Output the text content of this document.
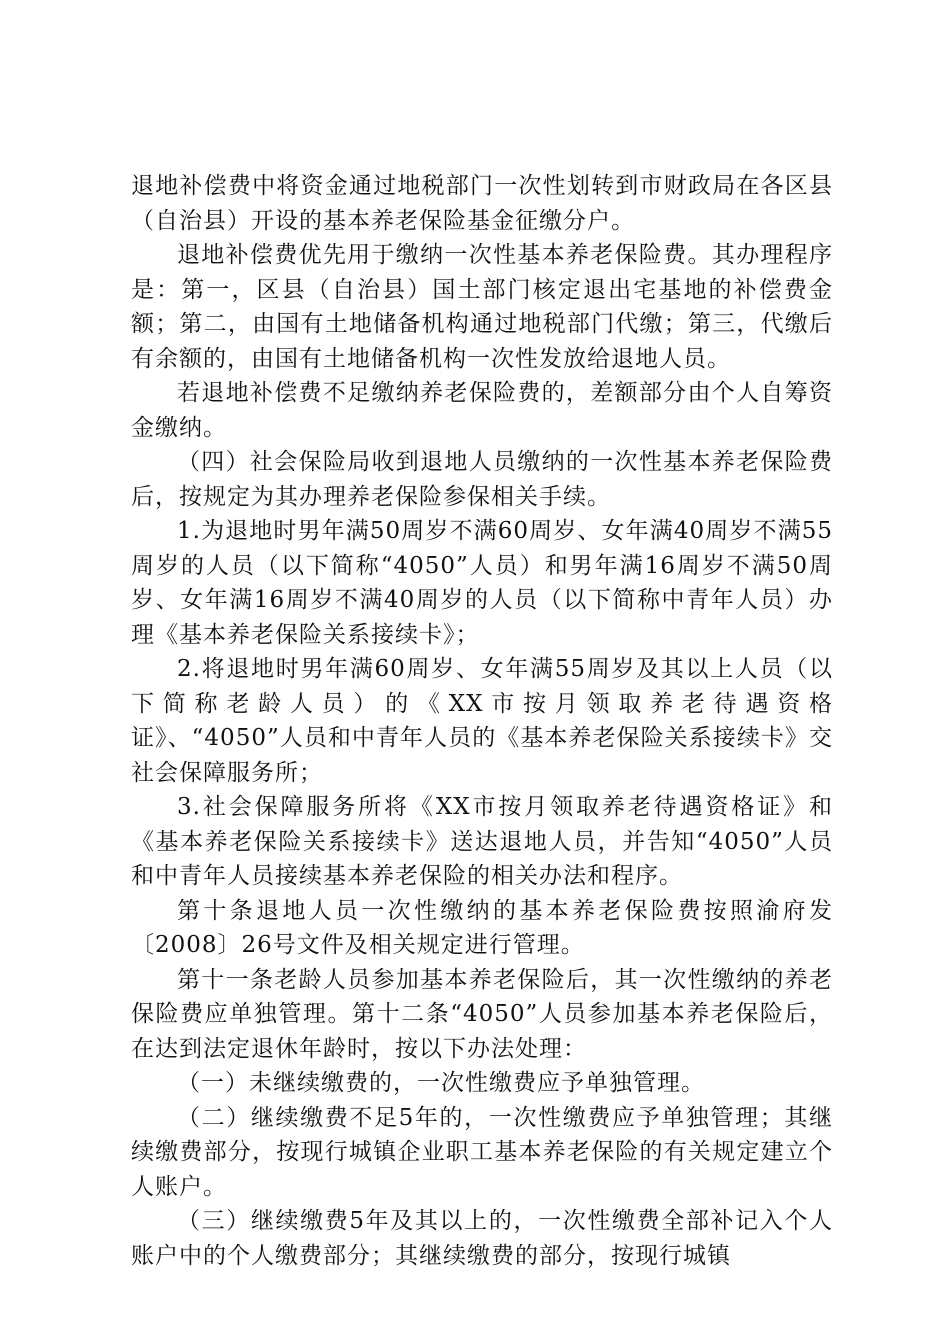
退地补偿费中将资金通过地税部门一次性划转到市财政局在各区县（自治县）开设的基本养老保险基金征缴分户。

退地补偿费优先用于缴纳一次性基本养老保险费。其办理程序是：第一，区县（自治县）国土部门核定退出宅基地的补偿费金额；第二，由国有土地储备机构通过地税部门代缴；第三，代缴后有余额的，由国有土地储备机构一次性发放给退地人员。

若退地补偿费不足缴纳养老保险费的，差额部分由个人自筹资金缴纳。

（四）社会保险局收到退地人员缴纳的一次性基本养老保险费后，按规定为其办理养老保险参保相关手续。

1.为退地时男年满50周岁不满60周岁、女年满40周岁不满55周岁的人员（以下简称“4050”人员）和男年满16周岁不满50周岁、女年满16周岁不满40周岁的人员（以下简称中青年人员）办理《基本养老保险关系接续卡》；

2.将退地时男年满60周岁、女年满55周岁及其以上人员（以下简称老龄人员）的《XX市按月领取养老待遇资格证》、“4050”人员和中青年人员的《基本养老保险关系接续卡》交社会保障服务所；

3.社会保障服务所将《XX市按月领取养老待遇资格证》和《基本养老保险关系接续卡》送达退地人员，并告知“4050”人员和中青年人员接续基本养老保险的相关办法和程序。

第十条退地人员一次性缴纳的基本养老保险费按照渝府发〔2008〕26号文件及相关规定进行管理。

第十一条老龄人员参加基本养老保险后，其一次性缴纳的养老保险费应单独管理。第十二条“4050”人员参加基本养老保险后，在达到法定退休年龄时，按以下办法处理：

（一）未继续缴费的，一次性缴费应予单独管理。

（二）继续缴费不足5年的，一次性缴费应予单独管理；其继续缴费部分，按现行城镇企业职工基本养老保险的有关规定建立个人账户。

（三）继续缴费5年及其以上的，一次性缴费全部补记入个人账户中的个人缴费部分；其继续缴费的部分，按现行城镇
